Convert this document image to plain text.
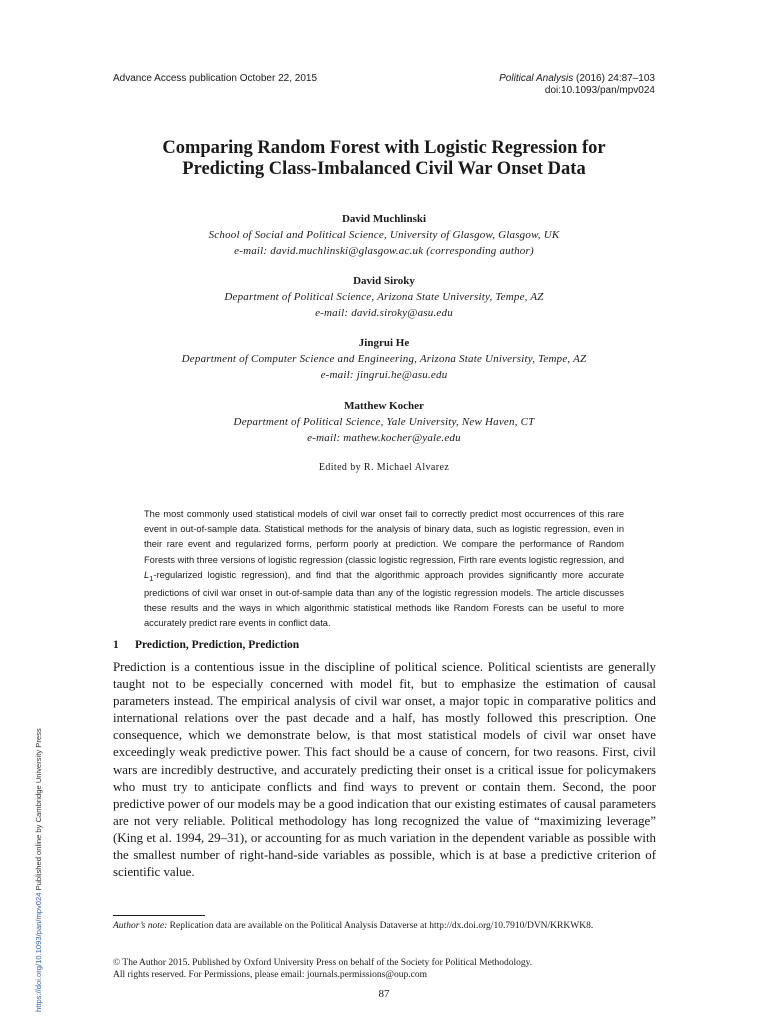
Advance Access publication October 22, 2015	Political Analysis (2016) 24:87–103
doi:10.1093/pan/mpv024
Comparing Random Forest with Logistic Regression for
Predicting Class-Imbalanced Civil War Onset Data
David Muchlinski
School of Social and Political Science, University of Glasgow, Glasgow, UK
e-mail: david.muchlinski@glasgow.ac.uk (corresponding author)
David Siroky
Department of Political Science, Arizona State University, Tempe, AZ
e-mail: david.siroky@asu.edu
Jingrui He
Department of Computer Science and Engineering, Arizona State University, Tempe, AZ
e-mail: jingrui.he@asu.edu
Matthew Kocher
Department of Political Science, Yale University, New Haven, CT
e-mail: mathew.kocher@yale.edu
Edited by R. Michael Alvarez

The most commonly used statistical models of civil war onset fail to correctly predict most occurrences of this rare event in out-of-sample data. Statistical methods for the analysis of binary data, such as logistic regression, even in their rare event and regularized forms, perform poorly at prediction. We compare the performance of Random Forests with three versions of logistic regression (classic logistic regression, Firth rare events logistic regression, and $L_1$-regularized logistic regression), and find that the algorithmic approach provides significantly more accurate predictions of civil war onset in out-of-sample data than any of the logistic regression models. The article discusses these results and the ways in which algorithmic statistical methods like Random Forests can be useful to more accurately predict rare events in conflict data.

1 Prediction, Prediction, Prediction

Prediction is a contentious issue in the discipline of political science. Political scientists are generally taught not to be especially concerned with model fit, but to emphasize the estimation of causal parameters instead. The empirical analysis of civil war onset, a major topic in comparative politics and international relations over the past decade and a half, has mostly followed this prescription. One consequence, which we demonstrate below, is that most statistical models of civil war onset have exceedingly weak predictive power. This fact should be a cause of concern, for two reasons. First, civil wars are incredibly destructive, and accurately predicting their onset is a critical issue for policymakers who must try to anticipate conflicts and find ways to prevent or contain them. Second, the poor predictive power of our models may be a good indication that our existing estimates of causal parameters are not very reliable. Political methodology has long recognized the value of “maximizing leverage” (King et al. 1994, 29–31), or accounting for as much variation in the dependent variable as possible with the smallest number of right-hand-side variables as possible, which is at base a predictive criterion of scientific value.

Author’s note: Replication data are available on the Political Analysis Dataverse at http://dx.doi.org/10.7910/DVN/KRKWK8.

© The Author 2015. Published by Oxford University Press on behalf of the Society for Political Methodology.
All rights reserved. For Permissions, please email: journals.permissions@oup.com
87
https://doi.org/10.1093/pan/mpv024 Published online by Cambridge University Press
